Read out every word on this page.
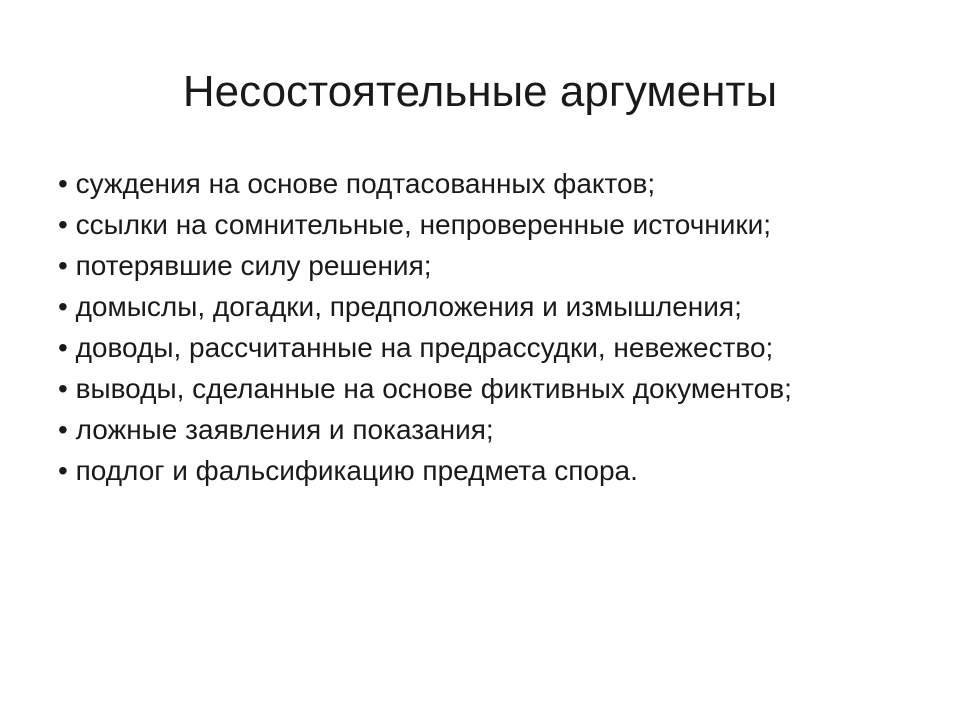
Несостоятельные аргументы
• суждения на основе подтасованных фактов;
• ссылки на сомнительные, непроверенные источники;
• потерявшие силу решения;
• домыслы, догадки, предположения и измышления;
• доводы, рассчитанные на предрассудки, невежество;
• выводы, сделанные на основе фиктивных документов;
• ложные заявления и показания;
• подлог и фальсификацию предмета спора.
